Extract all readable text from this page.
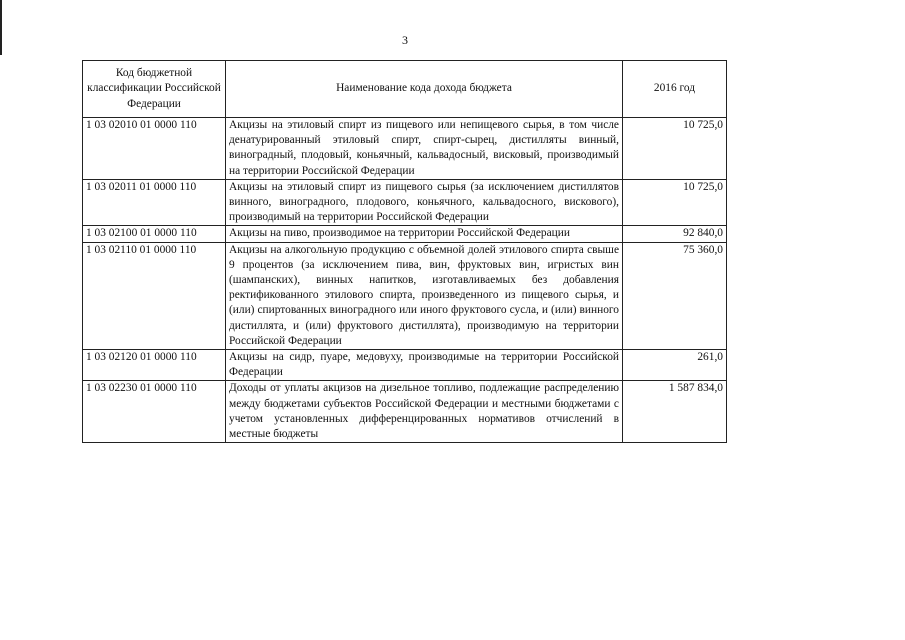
3
Код бюджетной классификации Российской Федерации	Наименование кода дохода бюджета	2016 год
1 03 02010 01 0000 110	Акцизы на этиловый спирт из пищевого или непищевого сырья, в том числе денатурированный этиловый спирт, спирт-сырец, дистилляты винный, виноградный, плодовый, коньячный, кальвадосный, висковый, производимый на территории Российской Федерации	10 725,0
1 03 02011 01 0000 110	Акцизы на этиловый спирт из пищевого сырья (за исключением дистиллятов винного, виноградного, плодового, коньячного, кальвадосного, вискового), производимый на территории Российской Федерации	10 725,0
1 03 02100 01 0000 110	Акцизы на пиво, производимое на территории Российской Федерации	92 840,0
1 03 02110 01 0000 110	Акцизы на алкогольную продукцию с объемной долей этилового спирта свыше 9 процентов (за исключением пива, вин, фруктовых вин, игристых вин (шампанских), винных напитков, изготавливаемых без добавления ректификованного этилового спирта, произведенного из пищевого сырья, и (или) спиртованных виноградного или иного фруктового сусла, и (или) винного дистиллята, и (или) фруктового дистиллята), производимую на территории Российской Федерации	75 360,0
1 03 02120 01 0000 110	Акцизы на сидр, пуаре, медовуху, производимые на территории Российской Федерации	261,0
1 03 02230 01 0000 110	Доходы от уплаты акцизов на дизельное топливо, подлежащие распределению между бюджетами субъектов Российской Федерации и местными бюджетами с учетом установленных дифференцированных нормативов отчислений в местные бюджеты	1 587 834,0
